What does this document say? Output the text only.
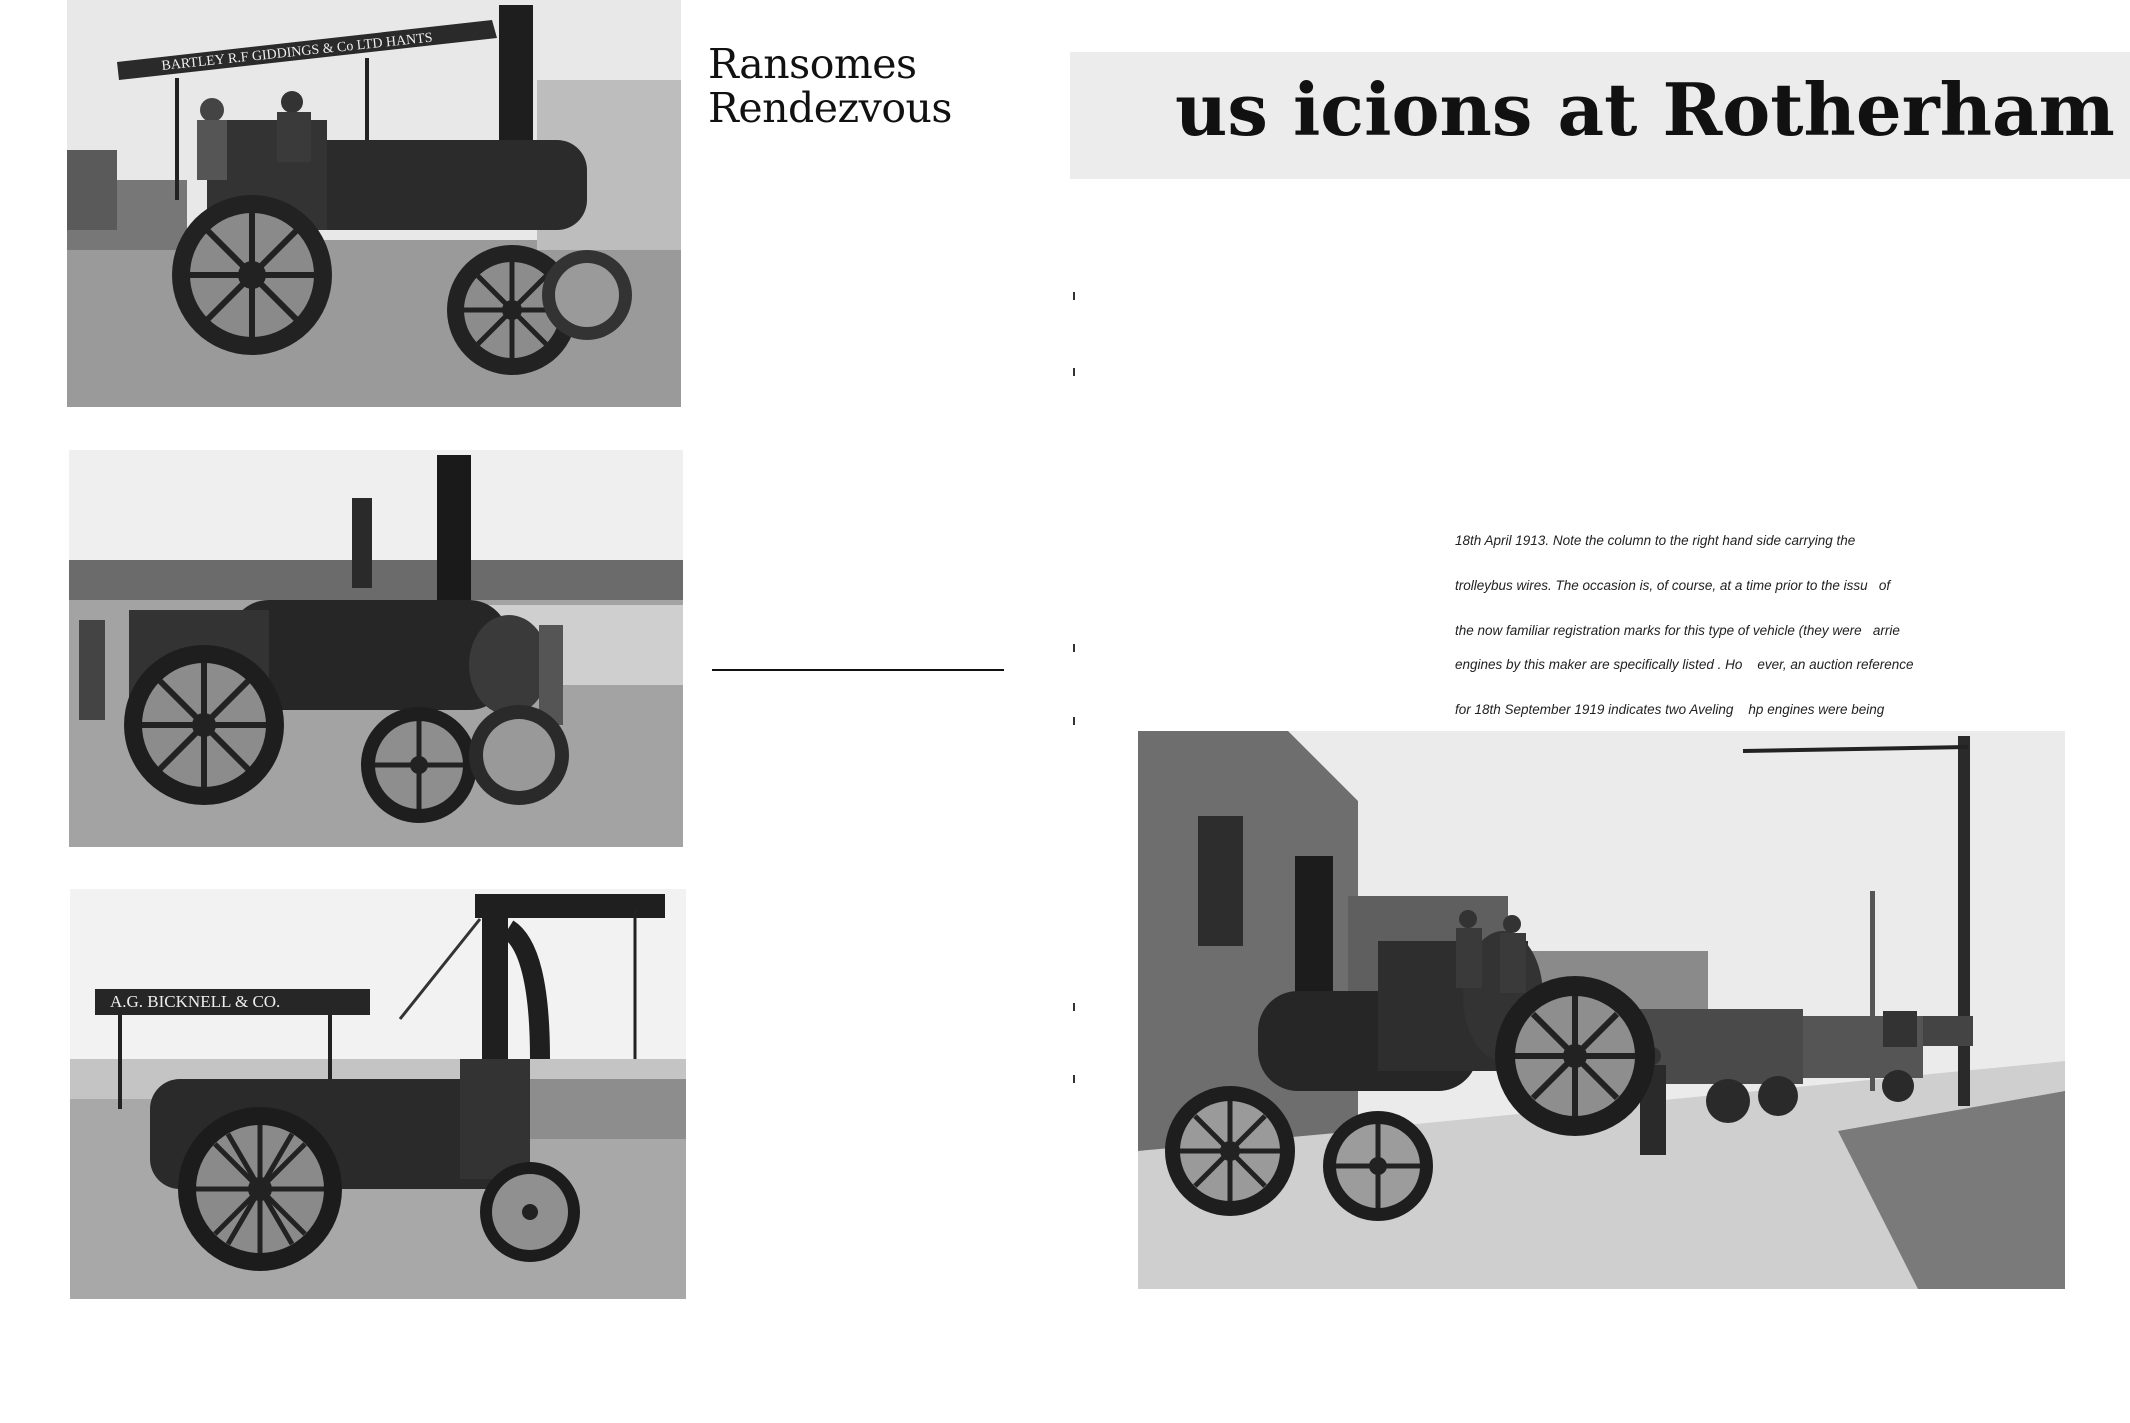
BARTLEY R.F GIDDINGS & Co LTD HANTS
A.G. BICKNELL & CO.
Ransomes
Rendezvous	us icions at Rotherham

18th April 1913. Note the column to the right hand side carrying the

trolleybus wires. The occasion is, of course, at a time prior to the issu   of

the now familiar registration marks for this type of vehicle (they were   arrie

engines by this maker are specifically listed . Ho    ever, an auction reference

for 18th September 1919 indicates two Aveling    hp engines were being
